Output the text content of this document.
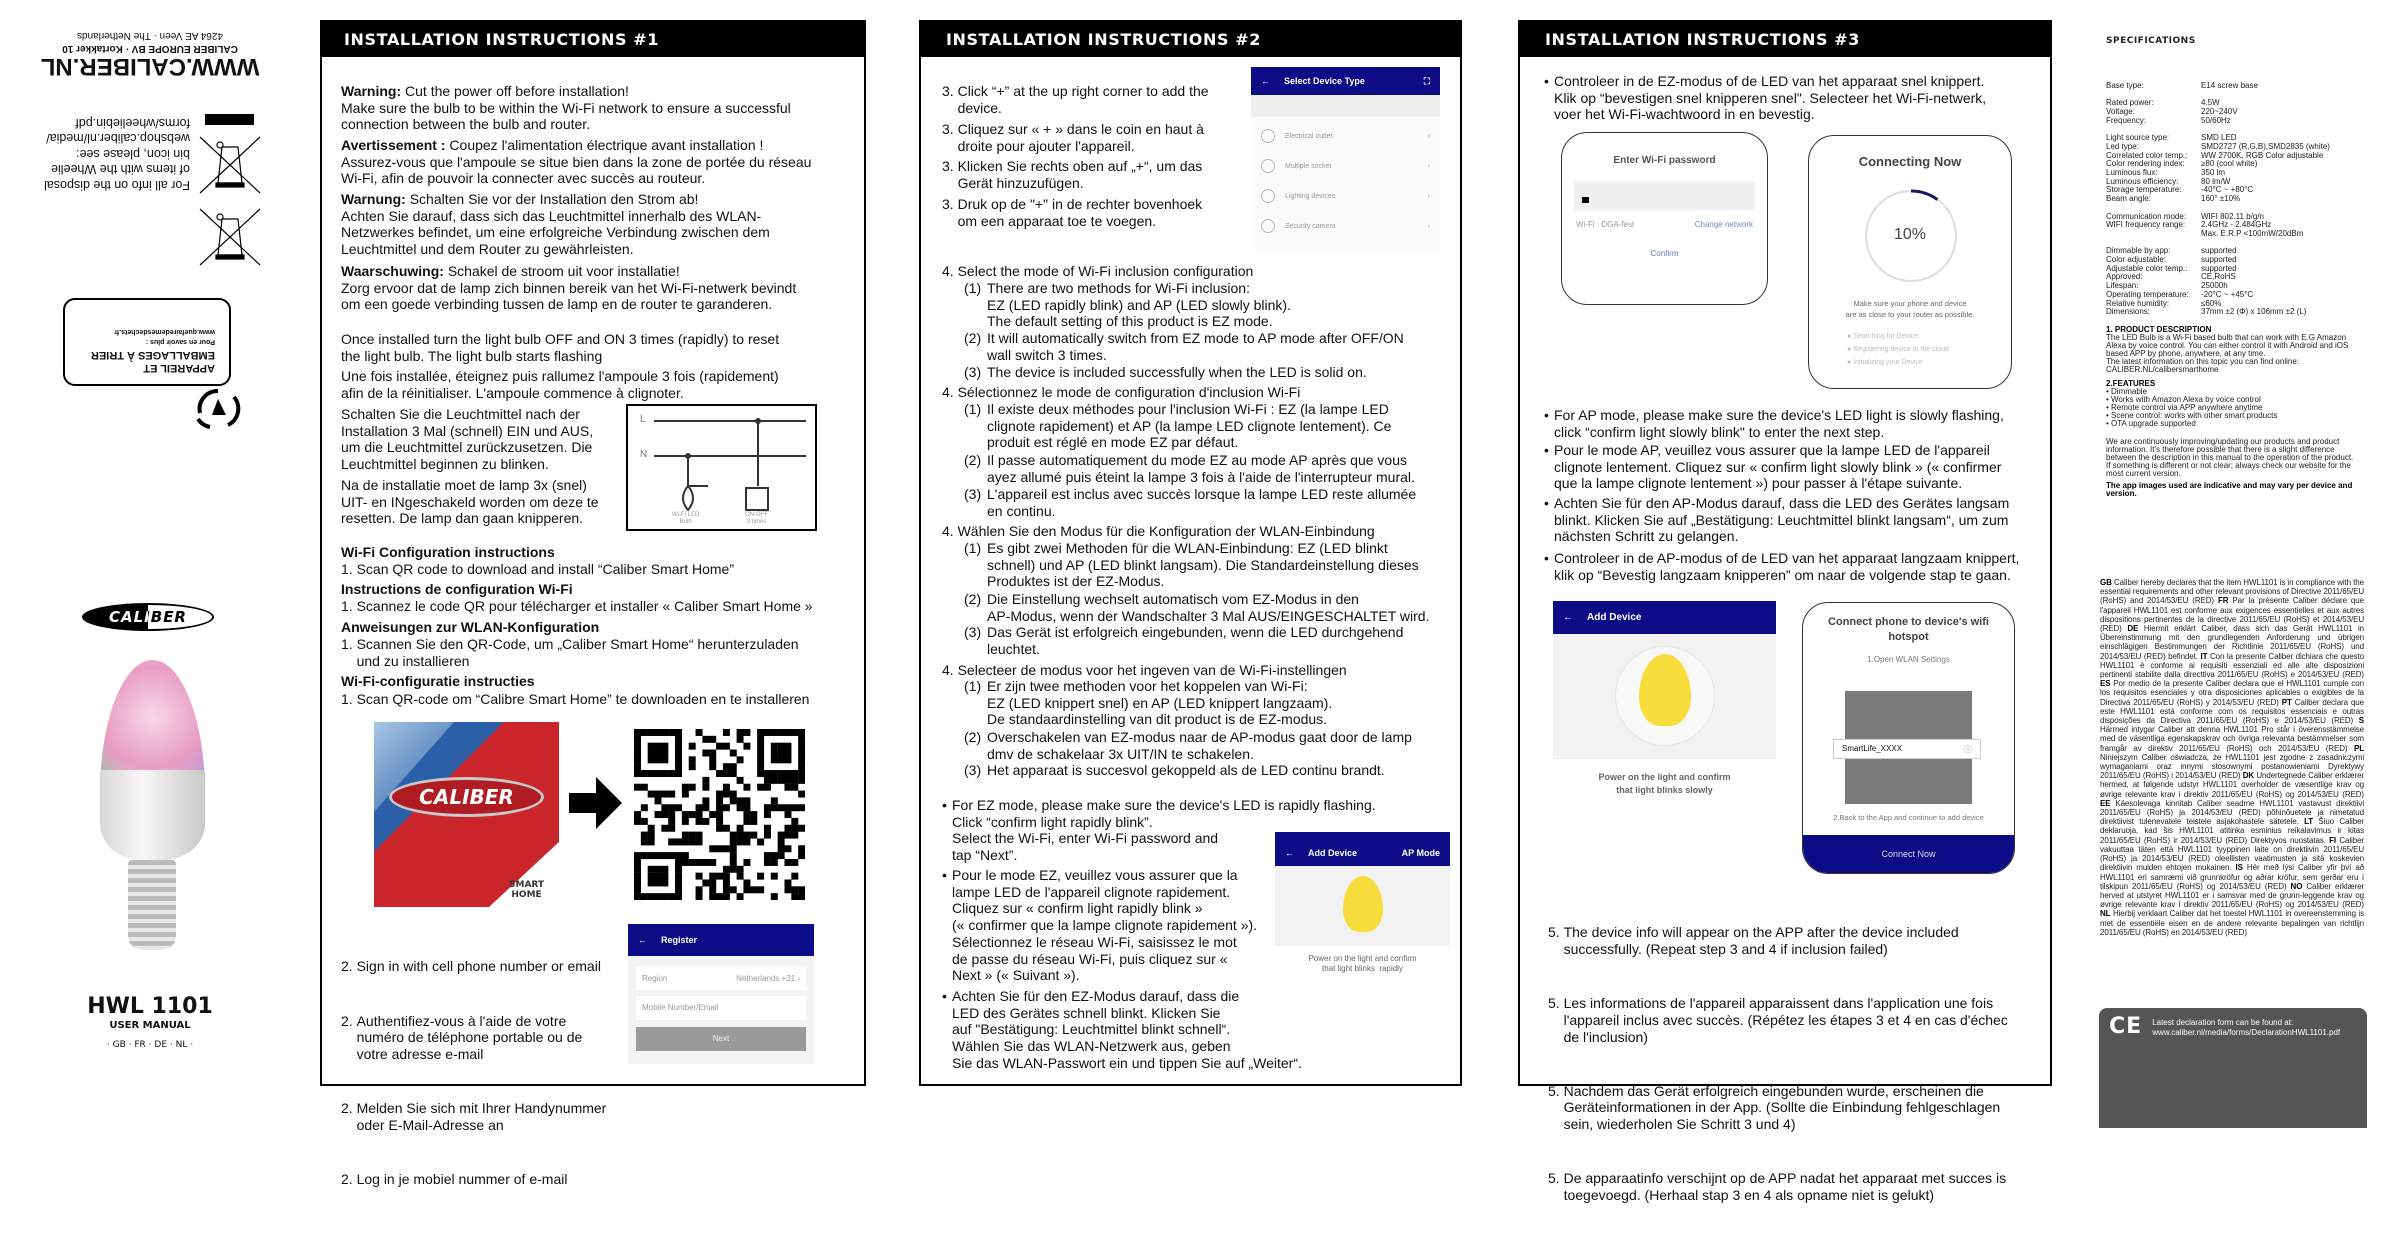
WWW.CALIBER.NL
CALIBER EUROPE BV · Kortakker 10
4264 AE Veen · The Netherlands
For all info on the disposal
of items with the Wheelie
bin icon, please see:
webshop.caliber.nl/media/
forms/wheeliebin.pdf
APPAREIL ET
EMBALLAGES À TRIER
Pour en savoir plus :
www.quefairedemesdechets.fr
CALIBER
HWL 1101
USER MANUAL
· GB · FR · DE · NL ·
INSTALLATION INSTRUCTIONS #1
Warning: Cut the power off before installation!
Make sure the bulb to be within the Wi-Fi network to ensure a successful
connection between the bulb and router.
Avertissement : Coupez l'alimentation électrique avant installation !
Assurez-vous que l'ampoule se situe bien dans la zone de portée du réseau
Wi-Fi, afin de pouvoir la connecter avec succès au routeur.
Warnung: Schalten Sie vor der Installation den Strom ab!
Achten Sie darauf, dass sich das Leuchtmittel innerhalb des WLAN-
Netzwerkes befindet, um eine erfolgreiche Verbindung zwischen dem
Leuchtmittel und dem Router zu gewährleisten.
Waarschuwing: Schakel de stroom uit voor installatie!
Zorg ervoor dat de lamp zich binnen bereik van het Wi-Fi-netwerk bevindt
om een goede verbinding tussen de lamp en de router te garanderen.
Once installed turn the light bulb OFF and ON 3 times (rapidly) to reset
the light bulb. The light bulb starts flashing
Une fois installée, éteignez puis rallumez l'ampoule 3 fois (rapidement)
afin de la réinitialiser. L'ampoule commence à clignoter.
Schalten Sie die Leuchtmittel nach der
Installation 3 Mal (schnell) EIN und AUS,
um die Leuchtmittel zurückzusetzen. Die
Leuchtmittel beginnen zu blinken.
Na de installatie moet de lamp 3x (snel)
UIT- en INgeschakeld worden om deze te
resetten. De lamp dan gaan knipperen.
L
N
Wi-Fi LED
Bulb
ON-OFF
3 times
Wi-Fi Configuration instructions
1. Scan QR code to download and install “Caliber Smart Home”
Instructions de configuration Wi-Fi
1. Scannez le code QR pour télécharger et installer « Caliber Smart Home »
Anweisungen zur WLAN-Konfiguration
1. Scannen Sie den QR-Code, um „Caliber Smart Home“ herunterzuladen
und zu installieren
Wi-Fi-configuratie instructies
1. Scan QR-code om “Calibre Smart Home” te downloaden en te installeren
CALIBER
SMART
HOME

2. Sign in with cell phone number or email

2. Authentifiez-vous à l'aide de votre
numéro de téléphone portable ou de
votre adresse e-mail

2. Melden Sie sich mit Ihrer Handynummer
oder E-Mail-Adresse an

2. Log in je mobiel nummer of e-mail

← Register
Region	Netherlands +31 ›
Mobile Number/Email
Next
INSTALLATION INSTRUCTIONS #2
3. Click “+” at the up right corner to add the
device.
3. Cliquez sur « + » dans le coin en haut à
droite pour ajouter l'appareil.
3. Klicken Sie rechts oben auf „+“, um das
Gerät hinzuzufügen.
3. Druk op de "+" in de rechter bovenhoek
om een apparaat toe te voegen.
← Select Device Type	⛶
Electrical outlet	›
Multiple socket	›
Lighting devices	›
Security camera	›
4. Select the mode of Wi-Fi inclusion configuration
(1) There are two methods for Wi-Fi inclusion:
EZ (LED rapidly blink) and AP (LED slowly blink).
The default setting of this product is EZ mode.
(2) It will automatically switch from EZ mode to AP mode after OFF/ON
wall switch 3 times.
(3) The device is included successfully when the LED is solid on.
4. Sélectionnez le mode de configuration d'inclusion Wi-Fi
(1) Il existe deux méthodes pour l'inclusion Wi-Fi : EZ (la lampe LED
clignote rapidement) et AP (la lampe LED clignote lentement). Ce
produit est réglé en mode EZ par défaut.
(2) Il passe automatiquement du mode EZ au mode AP après que vous
ayez allumé puis éteint la lampe 3 fois à l'aide de l'interrupteur mural.
(3) L'appareil est inclus avec succès lorsque la lampe LED reste allumée
en continu.
4. Wählen Sie den Modus für die Konfiguration der WLAN-Einbindung
(1) Es gibt zwei Methoden für die WLAN-Einbindung: EZ (LED blinkt
schnell) und AP (LED blinkt langsam). Die Standardeinstellung dieses
Produktes ist der EZ-Modus.
(2) Die Einstellung wechselt automatisch vom EZ-Modus in den
AP-Modus, wenn der Wandschalter 3 Mal AUS/EINGESCHALTET wird.
(3) Das Gerät ist erfolgreich eingebunden, wenn die LED durchgehend
leuchtet.
4. Selecteer de modus voor het ingeven van de Wi-Fi-instellingen
(1) Er zijn twee methoden voor het koppelen van Wi-Fi:
EZ (LED knippert snel) en AP (LED knippert langzaam).
De standaardinstelling van dit product is de EZ-modus.
(2) Overschakelen van EZ-modus naar de AP-modus gaat door de lamp
dmv de schakelaar 3x UIT/IN te schakelen.
(3) Het apparaat is succesvol gekoppeld als de LED continu brandt.
• For EZ mode, please make sure the device's LED is rapidly flashing.
Click “confirm light rapidly blink”.
Select the Wi-Fi, enter Wi-Fi password and
tap “Next”.
• Pour le mode EZ, veuillez vous assurer que la
lampe LED de l'appareil clignote rapidement.
Cliquez sur « confirm light rapidly blink »
(« confirmer que la lampe clignote rapidement »).
Sélectionnez le réseau Wi-Fi, saisissez le mot
de passe du réseau Wi-Fi, puis cliquez sur «
Next » (« Suivant »).
• Achten Sie für den EZ-Modus darauf, dass die
LED des Gerätes schnell blinkt. Klicken Sie
auf "Bestätigung: Leuchtmittel blinkt schnell“.
Wählen Sie das WLAN-Netzwerk aus, geben
Sie das WLAN-Passwort ein und tippen Sie auf „Weiter“.
← Add Device	AP Mode
Power on the light and confirm
that light blinks  rapidly
INSTALLATION INSTRUCTIONS #3
• Controleer in de EZ-modus of de LED van het apparaat snel knippert.
Klik op “bevestigen snel knipperen snel". Selecteer het Wi-Fi-netwerk,
voer het Wi-Fi-wachtwoord in en bevestig.
Enter Wi-Fi password
Wi-Fi : DGA-fest	Change network
Confirm
Connecting Now
10%
Make sure your phone and device
are as close to your router as possible.
● Searching for Device
● Registering device to the cloud
● Initializing your Device
• For AP mode, please make sure the device's LED light is slowly flashing,
click “confirm light slowly blink" to enter the next step.
• Pour le mode AP, veuillez vous assurer que la lampe LED de l'appareil
clignote lentement. Cliquez sur « confirm light slowly blink » (« confirmer
que la lampe clignote lentement ») pour passer à l'étape suivante.
• Achten Sie für den AP-Modus darauf, dass die LED des Gerätes langsam
blinkt. Klicken Sie auf „Bestätigung: Leuchtmittel blinkt langsam“, um zum
nächsten Schritt zu gelangen.
• Controleer in de AP-modus of de LED van het apparaat langzaam knippert,
klik op “Bevestig langzaam knipperen” om naar de volgende stap te gaan.
← Add Device
Power on the light and confirm
that light blinks slowly
Connect phone to device's wifi
hotspot
1.Open WLAN Settings
SmartLife_XXXX	ⓘ
2.Back to the App and continue to add device
Connect Now

5. The device info will appear on the APP after the device included
successfully. (Repeat step 3 and 4 if inclusion failed)

5. Les informations de l'appareil apparaissent dans l'application une fois
l'appareil inclus avec succès. (Répétez les étapes 3 et 4 en cas d'échec
de l'inclusion)

5. Nachdem das Gerät erfolgreich eingebunden wurde, erscheinen die
Geräteinformationen in der App. (Sollte die Einbindung fehlgeschlagen
sein, wiederholen Sie Schritt 3 und 4)

5. De apparaatinfo verschijnt op de APP nadat het apparaat met succes is
toegevoegd. (Herhaal stap 3 en 4 als opname niet is gelukt)

SPECIFICATIONS
Base type:	E14 screw base
Rated power:	4.5W
Voltage:	220~240V
Frequency:	50/60Hz
Light source type:	SMD LED
Led type:	SMD2727 (R,G,B),SMD2835 (white)
Correlated color temp.:	WW 2700K, RGB Color adjustable
Color rendering index:	≥80 (cool white)
Luminous flux:	350 lm
Luminous efficiency:	80 lm/W
Storage temperature:	-40°C ~ +80°C
Beam angle:	160° ±10%
Communication mode:	WIFI 802.11 b/g/n
WIFI frequency range:	2.4GHz - 2.484GHz
Max. E.R.P <100mW/20dBm
Dimmable by app:	supported
Color adjustable:	supported
Adjustable color temp.:	supported
Approved:	CE,RoHS
Lifespan:	25000h
Operating temperature:	-20°C ~ +45°C
Relative humidity:	≤60%
Dimensions:	37mm ±2 (Φ) x 106mm ±2 (L)
1. PRODUCT DESCRIPTION
The LED Bulb is a Wi-Fi based bulb that can work with E.G Amazon
Alexa by voice control. You can either control it with Android and iOS
based APP by phone, anywhere, at any time.
The latest information on this topic you can find online:
CALIBER.NL/calibersmarthome
2.FEATURES
• Dimmable
• Works with Amazon Alexa by voice control
• Remote control via APP anywhere anytime
• Scene control: works with other smart products
• OTA upgrade supported
We are continuously improving/updating our products and product
information. It's therefore possible that there is a slight difference
between the description in this manual to the operation of the product.
If something is different or not clear; always check our website for the
most current version.
The app images used are indicative and may vary per device and
version.
GB Caliber hereby declares that the item HWL1101 is in compliance with the essential requirements and other relevant provisions of Directive 2011/65/EU (RoHS) and 2014/53/EU (RED) FR Par la présente Caliber déclare que l'appareil HWL1101 est conforme aux exigences essentielles et aux autres dispositions pertinentes de la directive 2011/65/EU (RoHS) et 2014/53/EU (RED) DE Hiermit erklärt Caliber, dass sich das Gerät HWL1101 in Übereinstimmung mit den grundlegenden Anforderung und übrigen einschlägigen Bestimmungen der Richtlinie 2011/65/EU (RoHS) und 2014/53/EU (RED) befindet. IT Con la presente Caliber dichiara che questo HWL1101 è conforme ai requisiti essenziali ed alle alte disposizioni pertinenti stabilite dalla directtiva 2011/65/EU (RoHS) e 2014/53/EU (RED) ES Por medio de la presente Caliber declara que el HWL1101 cumple con los requisitos esenciales y otra disposiciones aplicables o exigibles de la Directiva 2011/65/EU (RoHS) y 2014/53/EU (RED) PT Caliber declara que este HWL1101 está conforme com os requisitos essenciais e outras disposições da Directiva 2011/65/EU (RoHS) e 2014/53/EU (RED) S Härmed intygar Caliber att denna HWL1101 Pro står i överensstämmelse med de väsentliga egenskapskrav och övriga relevanta bestämmelser som framgår av direktiv 2011/65/EU (RoHS) och 2014/53/EU (RED) PL Niniejszym Caliber oświadcza, że HWL1101 jest zgodne z zasadniczymi wymaganiami oraz innymi stosownymi postanowieniami Dyrektywy 2011/65/EU (RoHS) i 2014/53/EU (RED) DK Undertegnede Caliber erklærer hermed, at følgende udstyr HWL1101 overholder de væsentlige krav og øvrige relevante krav i direktiv 2011/65/EU (RoHS) og 2014/53/EU (RED) EE Käesolevaga kinnitab Caliber seadme HWL1101 vastavust direktiivi 2011/65/EU (RoHS) ja 2014/53/EU (RED) põhinõuetele ja nimetatud direktiivist tulenevatele teistele asjakohastele sätetele. LT Šiuo Caliber deklaruoja, kad šis HWL1101 atitinka esminius reikalavimus ir kitas 2011/65/EU (RoHS) ir 2014/53/EU (RED) Direktyvos nuostatas. FI Caliber vakuuttaa täten että HWL1101 tyyppinen laite on direktiivin 2011/65/EU (RoHS) ja 2014/53/EU (RED) oleellisten vaatimusten ja sitä koskevien direktiivin muiden ehtojen mukainen. IS Hér með lýsi Caliber yfir því að HWL1101 erí samræmi við grunnkröfur og aðrar kröfur, sem gerðar eru í tilskipun 2011/65/EU (RoHS) og 2014/53/EU (RED) NO Caliber erklærer herved at utstyret HWL1101 er i samsvar med de grunn-leggende krav og øvrige relevante krav i direktiv 2011/65/EU (RoHS) og 2014/53/EU (RED) NL Hierbij verklaart Caliber dat het toestel HWL1101 in overeenstemming is met de essentiële eisen en de andere relevante bepalingen van richtlijn 2011/65/EU (RoHS) en 2014/53/EU (RED)
CE Latest declaration form can be found at:
www.caliber.nl/media/forms/DeclarationHWL1101.pdf
